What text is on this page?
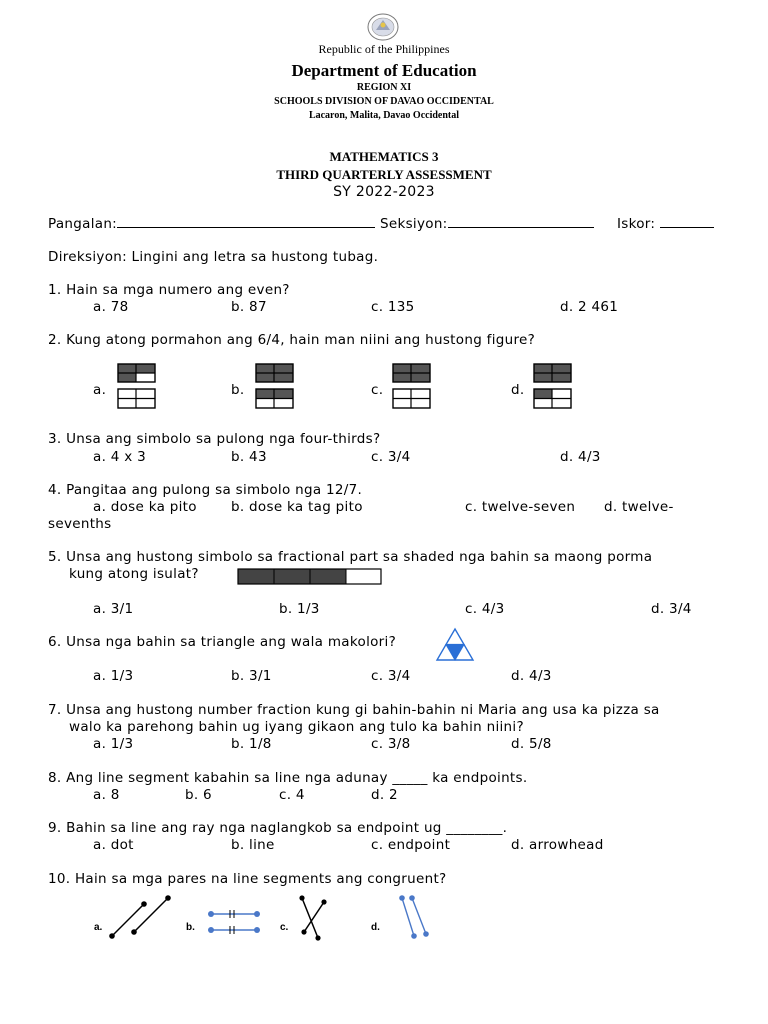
Republic of the Philippines
Department of Education
REGION XI
SCHOOLS DIVISION OF DAVAO OCCIDENTAL
Lacaron, Malita, Davao Occidental
MATHEMATICS 3
THIRD QUARTERLY ASSESSMENT
SY 2022-2023
Pangalan:	Seksiyon:	Iskor:
Direksiyon: Lingini ang letra sa hustong tubag.
1. Hain sa mga numero ang even?
a. 78	b. 87	c. 135	d. 2 461
2. Kung atong pormahon ang 6/4, hain man niini ang hustong figure?
a.	b.	c.	d.
3. Unsa ang simbolo sa pulong nga four-thirds?
a. 4 x 3	b. 43	c. 3/4	d. 4/3
4. Pangitaa ang pulong sa simbolo nga 12/7.
a. dose ka pito	b. dose ka tag pito	c. twelve-seven d. twelve-
sevenths
5. Unsa ang hustong simbolo sa fractional part sa shaded nga bahin sa maong porma
kung atong isulat?
a. 3/1	b. 1/3	c. 4/3	d. 3/4
6. Unsa nga bahin sa triangle ang wala makolori?
a. 1/3	b. 3/1	c. 3/4	d. 4/3
7. Unsa ang hustong number fraction kung gi bahin-bahin ni Maria ang usa ka pizza sa
walo ka parehong bahin ug iyang gikaon ang tulo ka bahin niini?
a. 1/3	b. 1/8	c. 3/8	d. 5/8
8. Ang line segment kabahin sa line nga adunay _____ ka endpoints.
a. 8	b. 6	c. 4	d. 2
9. Bahin sa line ang ray nga naglangkob sa endpoint ug ________.
a. dot	b. line	c. endpoint	d. arrowhead
10. Hain sa mga pares na line segments ang congruent?
a.	b.	c.	d.
